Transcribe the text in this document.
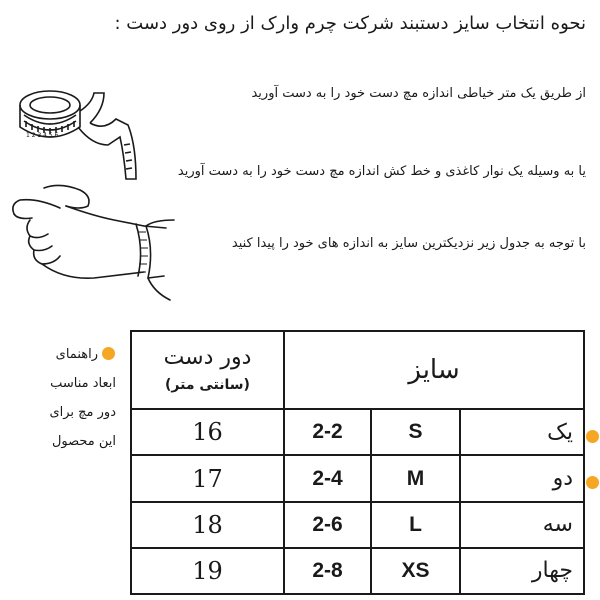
نحوه انتخاب سایز دستبند شرکت چرم وارک از روی دور دست :
1 2 3 4 5 6
از طریق یک متر خیاطی اندازه مچ دست خود را به دست آورید
یا به وسیله یک نوار کاغذی و خط کش اندازه مچ دست خود را به دست آورید
با توجه به جدول زیر نزدیکترین سایز به اندازه های خود را پیدا کنید
راهنمای
ابعاد مناسب
دور مچ برای
این محصول
دور دست
(سانتی متر)	سایز		
16	2-2	S	یک
17	2-4	M	دو
18	2-6	L	سه
19	2-8	XS	چهار
